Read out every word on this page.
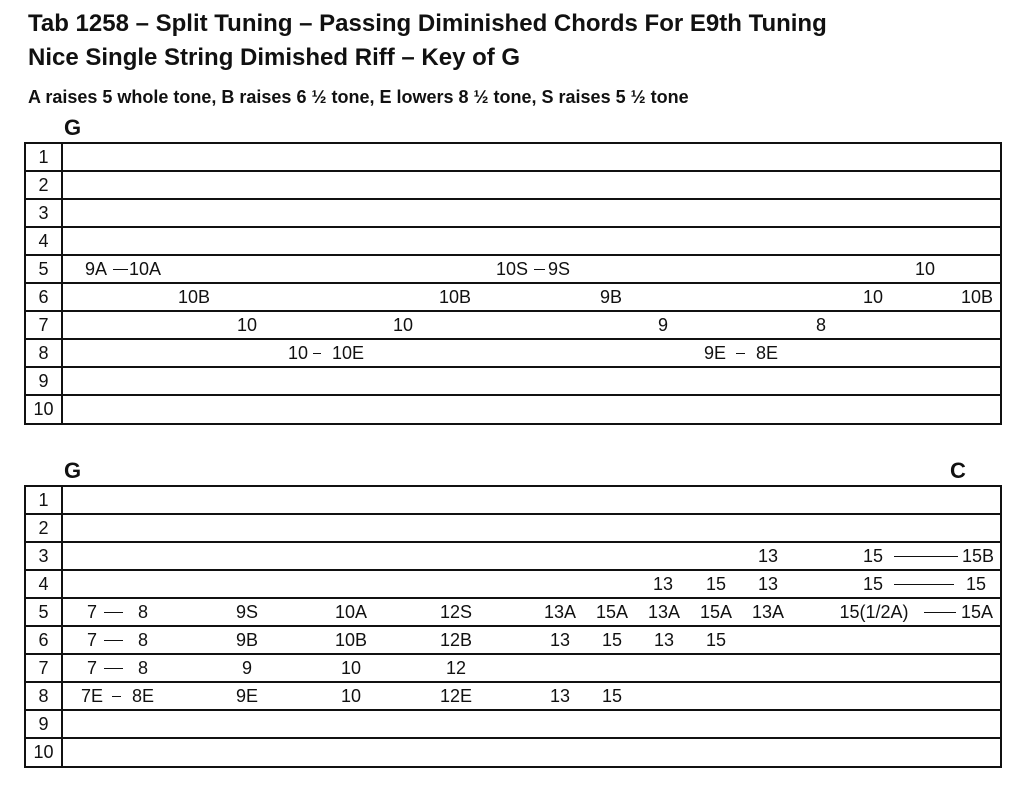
Tab 1258 – Split Tuning – Passing Diminished Chords For E9th Tuning
Nice Single String Dimished Riff – Key of G

A raises 5 whole tone, B raises 6 ½ tone, E lowers 8 ½ tone, S raises 5 ½ tone

G
1
2
3
4
5	9A 10A	10S 9S	10
6	10B	10B	9B	10	10B
7	10	10	9	8
8	10 10E	9E 8E
9
10
G	C
1
2
3	13	15	15B
4	13 15 13	15	15
5	7 8	9S	10A	12S	13A 15A 13A 15A 13A	15(1/2A)	15A
6	7 8	9B	10B	12B	13 15 13 15
7	7 8	9	10	12
8	7E 8E	9E	10	12E	13 15
9
10
